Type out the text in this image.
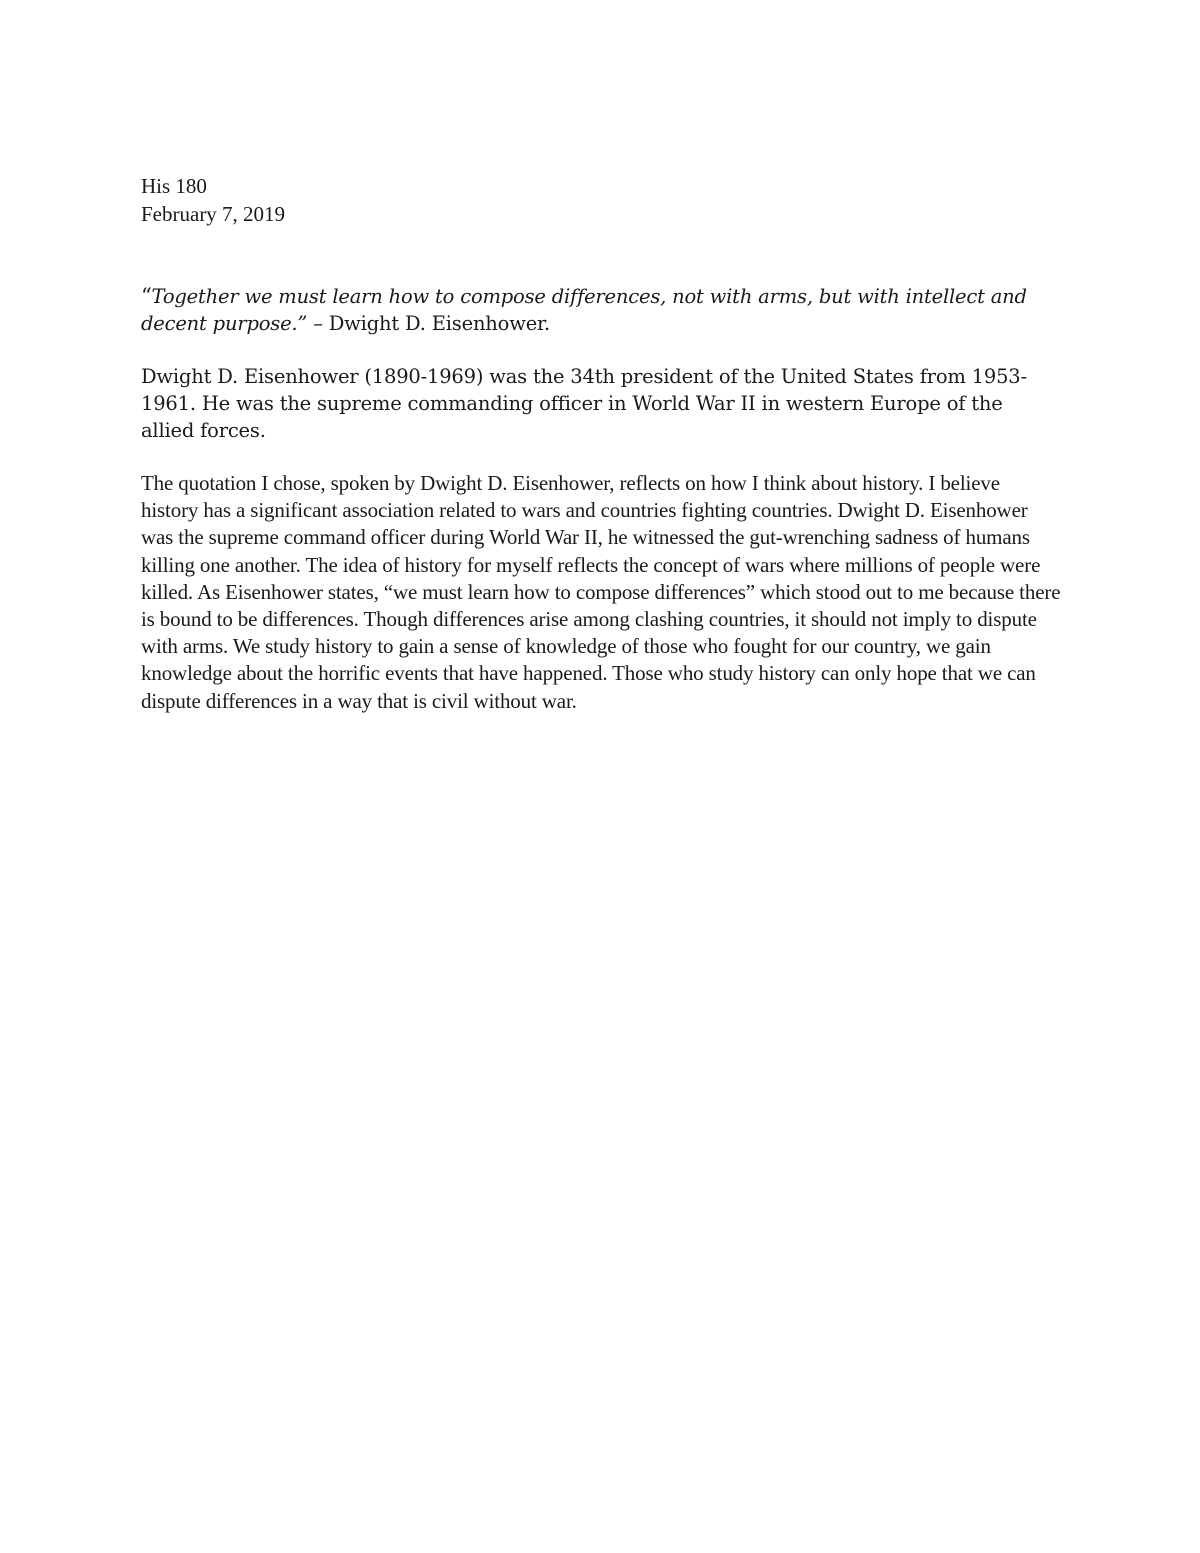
His 180

February 7, 2019

“Together we must learn how to compose differences, not with arms, but with intellect and decent purpose.” – Dwight D. Eisenhower.

Dwight D. Eisenhower (1890-1969) was the 34th president of the United States from 1953-1961. He was the supreme commanding officer in World War II in western Europe of the allied forces.

The quotation I chose, spoken by Dwight D. Eisenhower, reflects on how I think about history. I believe history has a significant association related to wars and countries fighting countries. Dwight D. Eisenhower was the supreme command officer during World War II, he witnessed the gut-wrenching sadness of humans killing one another. The idea of history for myself reflects the concept of wars where millions of people were killed. As Eisenhower states, “we must learn how to compose differences” which stood out to me because there is bound to be differences. Though differences arise among clashing countries, it should not imply to dispute with arms. We study history to gain a sense of knowledge of those who fought for our country, we gain knowledge about the horrific events that have happened. Those who study history can only hope that we can dispute differences in a way that is civil without war.
